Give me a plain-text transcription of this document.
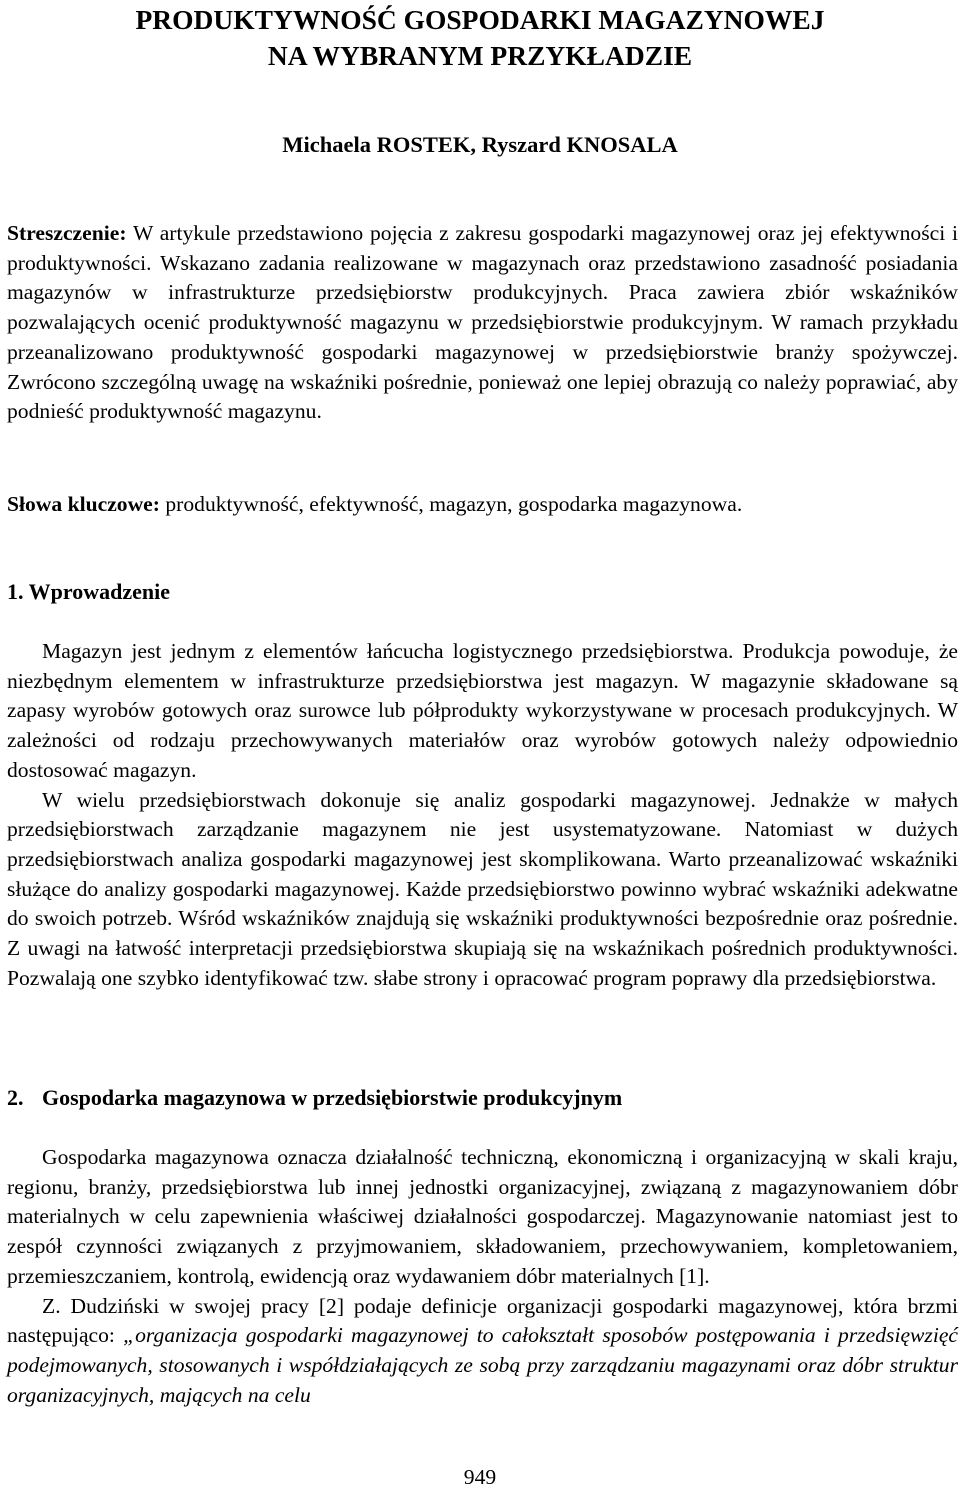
PRODUKTYWNOŚĆ GOSPODARKI MAGAZYNOWEJ
NA WYBRANYM PRZYKŁADZIE
Michaela ROSTEK, Ryszard KNOSALA

Streszczenie: W artykule przedstawiono pojęcia z zakresu gospodarki magazynowej oraz jej efektywności i produktywności. Wskazano zadania realizowane w magazynach oraz przedstawiono zasadność posiadania magazynów w infrastrukturze przedsiębiorstw produkcyjnych. Praca zawiera zbiór wskaźników pozwalających ocenić produktywność magazynu w przedsiębiorstwie produkcyjnym. W ramach przykładu przeanalizowano produktywność gospodarki magazynowej w przedsiębiorstwie branży spożywczej. Zwrócono szczególną uwagę na wskaźniki pośrednie, ponieważ one lepiej obrazują co należy poprawiać, aby podnieść produktywność magazynu.

Słowa kluczowe: produktywność, efektywność, magazyn, gospodarka magazynowa.

1. Wprowadzenie

Magazyn jest jednym z elementów łańcucha logistycznego przedsiębiorstwa. Produkcja powoduje, że niezbędnym elementem w infrastrukturze przedsiębiorstwa jest magazyn. W magazynie składowane są zapasy wyrobów gotowych oraz surowce lub półprodukty wykorzystywane w procesach produkcyjnych. W zależności od rodzaju przechowywanych materiałów oraz wyrobów gotowych należy odpowiednio dostosować magazyn.

W wielu przedsiębiorstwach dokonuje się analiz gospodarki magazynowej. Jednakże w małych przedsiębiorstwach zarządzanie magazynem nie jest usystematyzowane. Natomiast w dużych przedsiębiorstwach analiza gospodarki magazynowej jest skomplikowana. Warto przeanalizować wskaźniki służące do analizy gospodarki magazynowej. Każde przedsiębiorstwo powinno wybrać wskaźniki adekwatne do swoich potrzeb. Wśród wskaźników znajdują się wskaźniki produktywności bezpośrednie oraz pośrednie. Z uwagi na łatwość interpretacji przedsiębiorstwa skupiają się na wskaźnikach pośrednich produktywności. Pozwalają one szybko identyfikować tzw. słabe strony i opracować program poprawy dla przedsiębiorstwa.

2. Gospodarka magazynowa w przedsiębiorstwie produkcyjnym

Gospodarka magazynowa oznacza działalność techniczną, ekonomiczną i organizacyjną w skali kraju, regionu, branży, przedsiębiorstwa lub innej jednostki organizacyjnej, związaną z magazynowaniem dóbr materialnych w celu zapewnienia właściwej działalności gospodarczej. Magazynowanie natomiast jest to zespół czynności związanych z przyjmowaniem, składowaniem, przechowywaniem, kompletowaniem, przemieszczaniem, kontrolą, ewidencją oraz wydawaniem dóbr materialnych [1].

Z. Dudziński w swojej pracy [2] podaje definicje organizacji gospodarki magazynowej, która brzmi następująco: „organizacja gospodarki magazynowej to całokształt sposobów postępowania i przedsięwzięć podejmowanych, stosowanych i współdziałających ze sobą przy zarządzaniu magazynami oraz dóbr struktur organizacyjnych, mających na celu

949
